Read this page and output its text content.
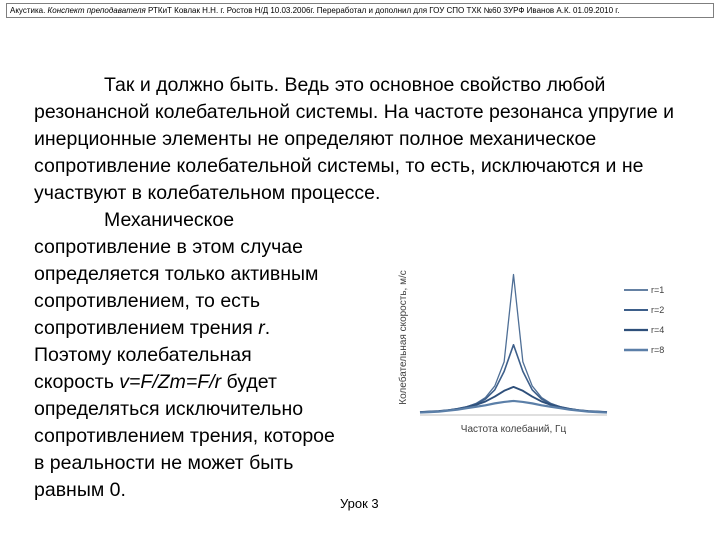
Акустика. Конспект преподавателя РТКиТ Ковлак Н.Н. г. Ростов Н/Д 10.03.2006г. Переработал и дополнил для ГОУ СПО ТХК №60 ЗУРФ Иванов А.К. 01.09.2010 г.

Так и должно быть. Ведь это основное свойство любой резонансной колебательной системы. На частоте резонанса упругие и инерционные элементы не определяют полное механическое сопротивление колебательной системы, то есть, исключаются и не участвуют в колебательном процессе.

Механическое
сопротивление в этом случае
определяется только активным
сопротивлением, то есть
сопротивлением трения r.
Поэтому колебательная
скорость v=F/Zm=F/r будет
определяться исключительно
сопротивлением трения, которое
в реальности не может быть
равным 0.
Колебательная скорость, м/с
Частота колебаний, Гц
r=1
r=2
r=4
r=8
Урок 3
